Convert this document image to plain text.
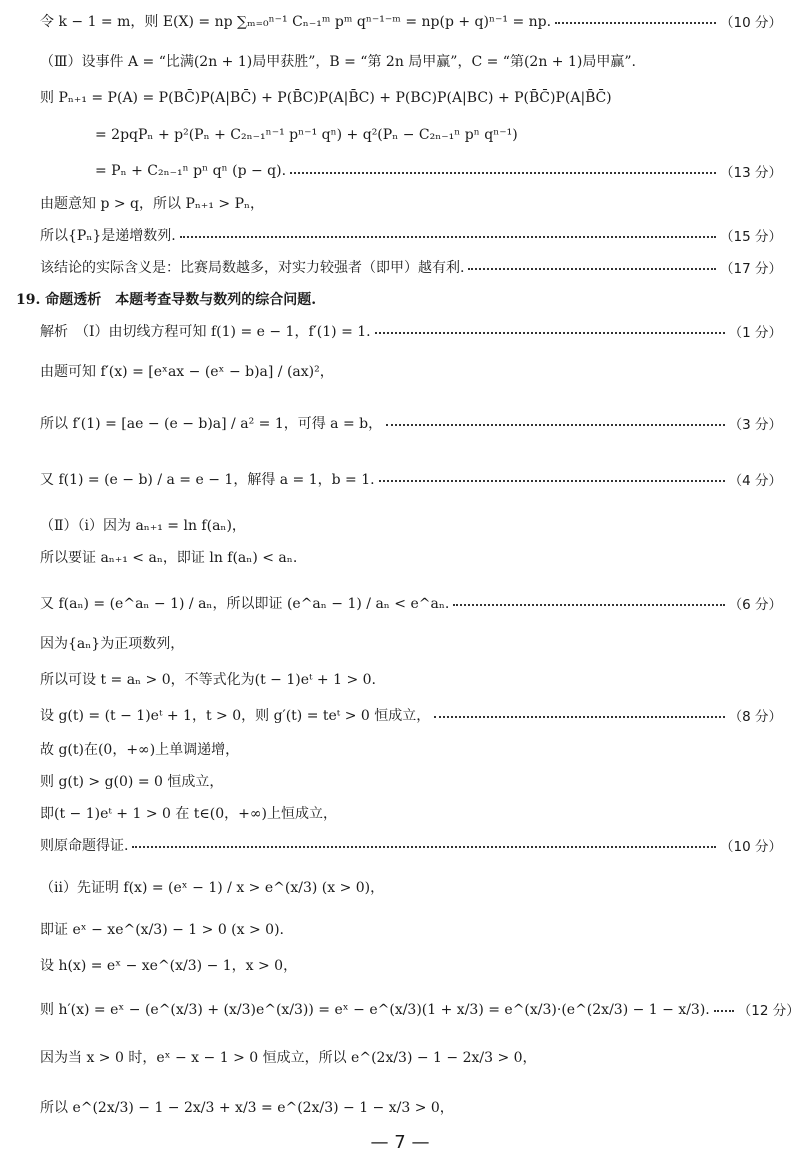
令 k − 1 = m，则 E(X) = np ∑ₘ₌₀ⁿ⁻¹ Cₙ₋₁ᵐ pᵐ qⁿ⁻¹⁻ᵐ = np(p + q)ⁿ⁻¹ = np.	（10 分）
（Ⅲ）设事件 A = “比满(2n + 1)局甲获胜”，B = “第 2n 局甲赢”，C = “第(2n + 1)局甲赢”.
则 Pₙ₊₁ = P(A) = P(BC̄)P(A|BC̄) + P(B̄C)P(A|B̄C) + P(BC)P(A|BC) + P(B̄C̄)P(A|B̄C̄)
= 2pqPₙ + p²(Pₙ + C₂ₙ₋₁ⁿ⁻¹ pⁿ⁻¹ qⁿ) + q²(Pₙ − C₂ₙ₋₁ⁿ pⁿ qⁿ⁻¹)
= Pₙ + C₂ₙ₋₁ⁿ pⁿ qⁿ (p − q).	（13 分）
由题意知 p > q，所以 Pₙ₊₁ > Pₙ，
所以{Pₙ}是递增数列.	（15 分）
该结论的实际含义是：比赛局数越多，对实力较强者（即甲）越有利.	（17 分）
19. 命题透析　本题考查导数与数列的综合问题.
解析　（Ⅰ）由切线方程可知 f(1) = e − 1，f′(1) = 1.	（1 分）
由题可知 f′(x) = [eˣax − (eˣ − b)a] / (ax)²，
所以 f′(1) = [ae − (e − b)a] / a² = 1，可得 a = b，	（3 分）
又 f(1) = (e − b) / a = e − 1，解得 a = 1，b = 1.	（4 分）
（Ⅱ）（ⅰ）因为 aₙ₊₁ = ln f(aₙ)，
所以要证 aₙ₊₁ < aₙ，即证 ln f(aₙ) < aₙ.
又 f(aₙ) = (e^aₙ − 1) / aₙ，所以即证 (e^aₙ − 1) / aₙ < e^aₙ.	（6 分）
因为{aₙ}为正项数列，
所以可设 t = aₙ > 0，不等式化为(t − 1)eᵗ + 1 > 0.
设 g(t) = (t − 1)eᵗ + 1，t > 0，则 g′(t) = teᵗ > 0 恒成立，	（8 分）
故 g(t)在(0，+∞)上单调递增，
则 g(t) > g(0) = 0 恒成立，
即(t − 1)eᵗ + 1 > 0 在 t∈(0，+∞)上恒成立，
则原命题得证.	（10 分）
（ⅱ）先证明 f(x) = (eˣ − 1) / x > e^(x/3) (x > 0)，
即证 eˣ − xe^(x/3) − 1 > 0 (x > 0).
设 h(x) = eˣ − xe^(x/3) − 1，x > 0，
则 h′(x) = eˣ − (e^(x/3) + (x/3)e^(x/3)) = eˣ − e^(x/3)(1 + x/3) = e^(x/3)·(e^(2x/3) − 1 − x/3). （12 分）
因为当 x > 0 时，eˣ − x − 1 > 0 恒成立，所以 e^(2x/3) − 1 − 2x/3 > 0，
所以 e^(2x/3) − 1 − 2x/3 + x/3 = e^(2x/3) − 1 − x/3 > 0，
— 7 —
